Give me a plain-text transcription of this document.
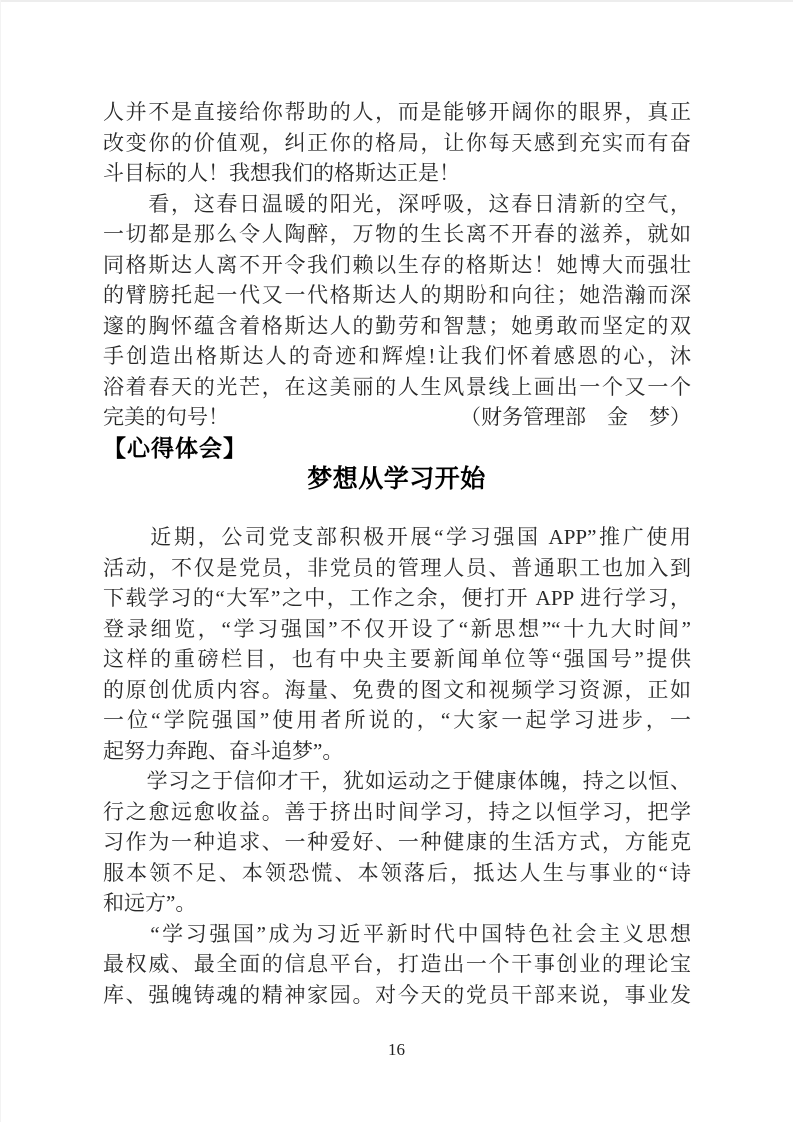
人并不是直接给你帮助的人，而是能够开阔你的眼界，真正
改变你的价值观，纠正你的格局，让你每天感到充实而有奋
斗目标的人！我想我们的格斯达正是！
　　看，这春日温暖的阳光，深呼吸，这春日清新的空气，
一切都是那么令人陶醉，万物的生长离不开春的滋养，就如
同格斯达人离不开令我们赖以生存的格斯达！她博大而强壮
的臂膀托起一代又一代格斯达人的期盼和向往；她浩瀚而深
邃的胸怀蕴含着格斯达人的勤劳和智慧；她勇敢而坚定的双
手创造出格斯达人的奇迹和辉煌!让我们怀着感恩的心，沐
浴着春天的光芒，在这美丽的人生风景线上画出一个又一个
完美的句号！	（财务管理部　金　梦）
【心得体会】
梦想从学习开始
　　近期，公司党支部积极开展“学习强国 APP”推广使用
活动，不仅是党员，非党员的管理人员、普通职工也加入到
下载学习的“大军”之中，工作之余，便打开 APP 进行学习，
登录细览，“学习强国”不仅开设了“新思想”“十九大时间”
这样的重磅栏目，也有中央主要新闻单位等“强国号”提供
的原创优质内容。海量、免费的图文和视频学习资源，正如
一位“学院强国”使用者所说的，“大家一起学习进步，一
起努力奔跑、奋斗追梦”。
　　学习之于信仰才干，犹如运动之于健康体魄，持之以恒、
行之愈远愈收益。善于挤出时间学习，持之以恒学习，把学
习作为一种追求、一种爱好、一种健康的生活方式，方能克
服本领不足、本领恐慌、本领落后，抵达人生与事业的“诗
和远方”。
　　“学习强国”成为习近平新时代中国特色社会主义思想
最权威、最全面的信息平台，打造出一个干事创业的理论宝
库、强魄铸魂的精神家园。对今天的党员干部来说，事业发
16
